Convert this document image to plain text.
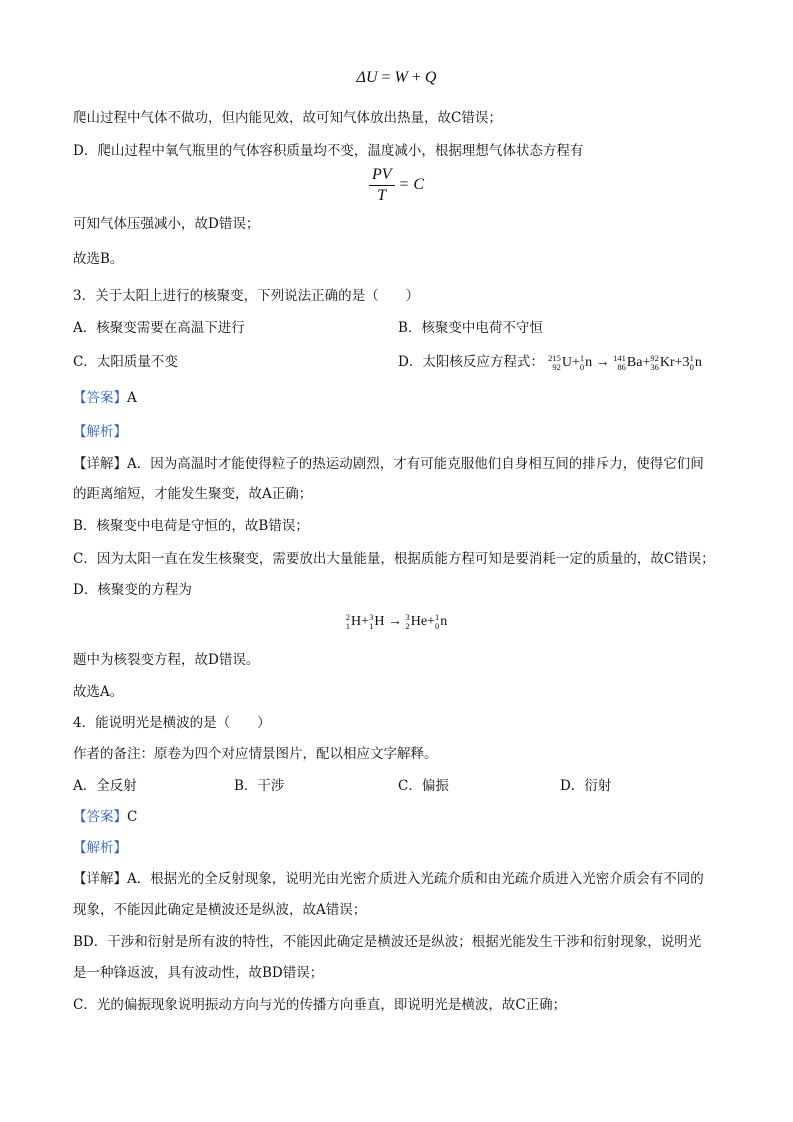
ΔU = W + Q
爬山过程中气体不做功，但内能见效，故可知气体放出热量，故C错误；
D．爬山过程中氧气瓶里的气体容积质量均不变，温度减小，根据理想气体状态方程有
$\frac{PV}{T} = C$
可知气体压强减小，故D错误；
故选B。
3．关于太阳上进行的核聚变，下列说法正确的是（　　）
A．核聚变需要在高温下进行	B．核聚变中电荷不守恒
C．太阳质量不变	D．太阳核反应方程式： 215
92 U+ 1
0 n → 141
86 Ba+ 92
36 Kr+3 1
0 n
【答案】A
【解析】
【详解】A．因为高温时才能使得粒子的热运动剧烈，才有可能克服他们自身相互间的排斥力，使得它们间
的距离缩短，才能发生聚变，故A正确；
B．核聚变中电荷是守恒的，故B错误；
C．因为太阳一直在发生核聚变，需要放出大量能量，根据质能方程可知是要消耗一定的质量的，故C错误；
D．核聚变的方程为
2
1 H+ 3
1 H → 3
2 He+ 1
0 n
题中为核裂变方程，故D错误。
故选A。
4．能说明光是横波的是（　　）
作者的备注：原卷为四个对应情景图片，配以相应文字解释。
A．全反射	B．干涉	C．偏振	D．衍射
【答案】C
【解析】
【详解】A．根据光的全反射现象，说明光由光密介质进入光疏介质和由光疏介质进入光密介质会有不同的
现象，不能因此确定是横波还是纵波，故A错误；
BD．干涉和衍射是所有波的特性，不能因此确定是横波还是纵波；根据光能发生干涉和衍射现象，说明光
是一种锋返波，具有波动性，故BD错误；
C．光的偏振现象说明振动方向与光的传播方向垂直，即说明光是横波，故C正确；
